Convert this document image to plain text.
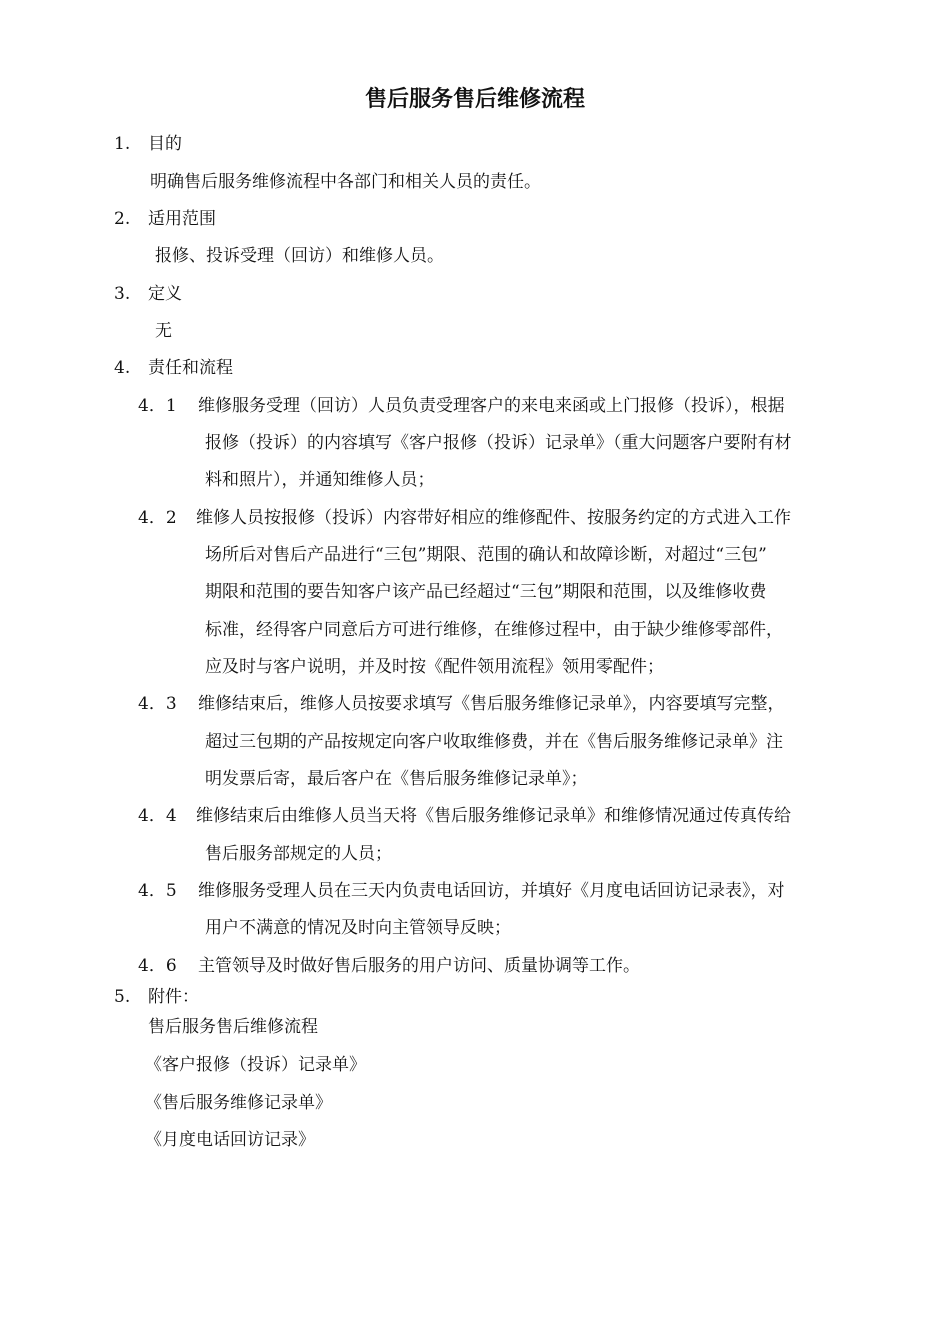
售后服务售后维修流程
1. 目的
明确售后服务维修流程中各部门和相关人员的责任。
2. 适用范围
报修、投诉受理（回访）和维修人员。
3. 定义
无
4. 责任和流程
4．1 维修服务受理（回访）人员负责受理客户的来电来函或上门报修（投诉），根据
报修（投诉）的内容填写《客户报修（投诉）记录单》（重大问题客户要附有材
料和照片），并通知维修人员；
4．2 维修人员按报修（投诉）内容带好相应的维修配件、按服务约定的方式进入工作
场所后对售后产品进行“三包”期限、范围的确认和故障诊断，对超过“三包”
期限和范围的要告知客户该产品已经超过“三包”期限和范围，以及维修收费
标准，经得客户同意后方可进行维修，在维修过程中，由于缺少维修零部件，
应及时与客户说明，并及时按《配件领用流程》领用零配件；
4．3 维修结束后，维修人员按要求填写《售后服务维修记录单》，内容要填写完整，
超过三包期的产品按规定向客户收取维修费，并在《售后服务维修记录单》注
明发票后寄，最后客户在《售后服务维修记录单》；
4．4 维修结束后由维修人员当天将《售后服务维修记录单》和维修情况通过传真传给
售后服务部规定的人员；
4．5 维修服务受理人员在三天内负责电话回访，并填好《月度电话回访记录表》，对
用户不满意的情况及时向主管领导反映；
4．6 主管领导及时做好售后服务的用户访问、质量协调等工作。
5. 附件：
售后服务售后维修流程
《客户报修（投诉）记录单》
《售后服务维修记录单》
《月度电话回访记录》
